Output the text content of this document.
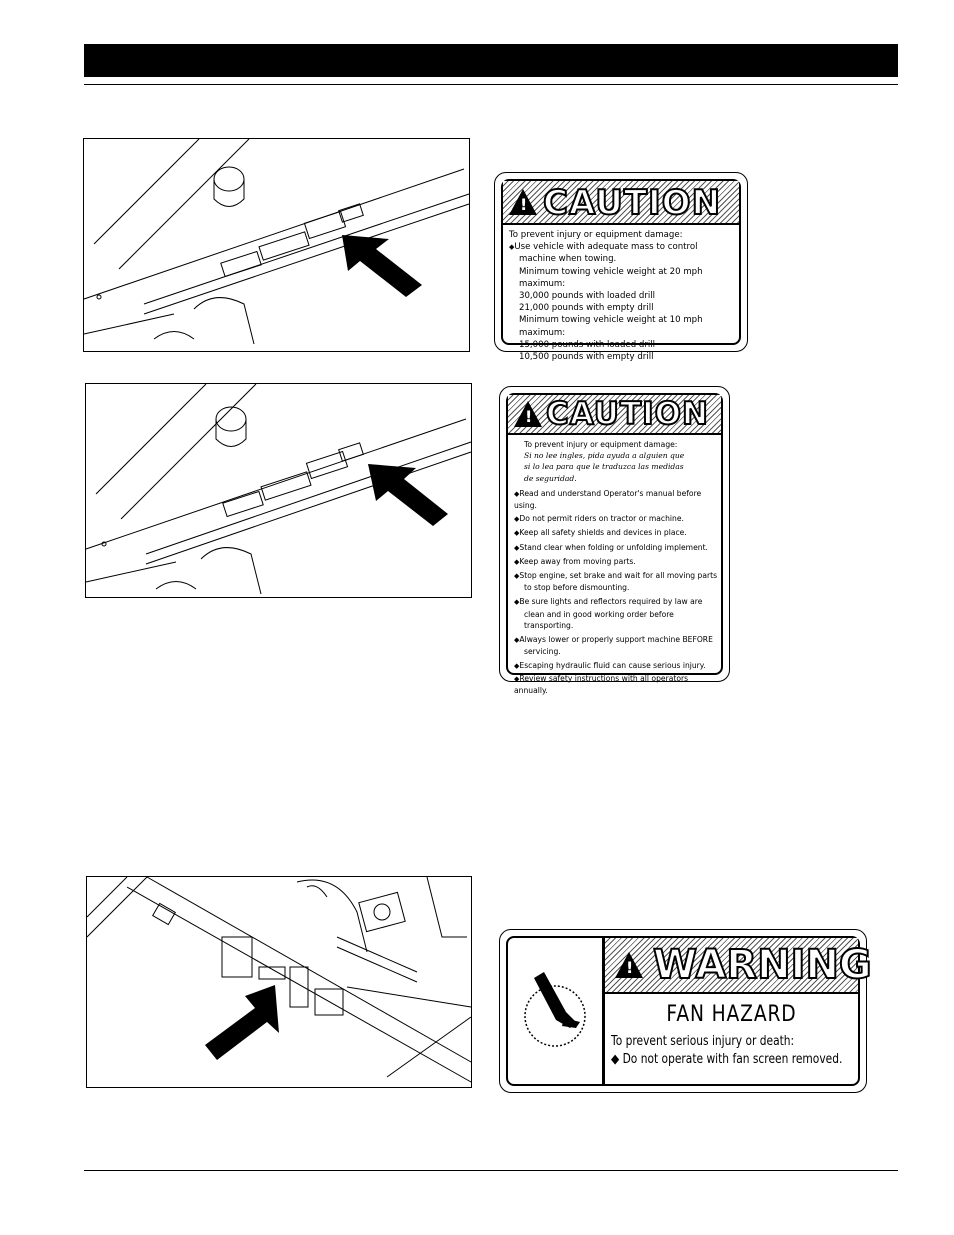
!
CAUTION
To prevent injury or equipment damage:
◆ Use vehicle with adequate mass to control
machine when towing.
Minimum towing vehicle weight at 20 mph maximum:
30,000 pounds with loaded drill
21,000 pounds with empty drill
Minimum towing vehicle weight at 10 mph maximum:
15,000 pounds with loaded drill
10,500 pounds with empty drill
!
CAUTION
To prevent injury or equipment damage:
Si no lee ingles, pida ayuda a alguien que
si lo lea para que le traduzca las medidas
de seguridad.
◆ Read and understand Operator's manual before using.
◆ Do not permit riders on tractor or machine.
◆ Keep all safety shields and devices in place.
◆ Stand clear when folding or unfolding implement.
◆ Keep away from moving parts.
◆ Stop engine, set brake and wait for all moving parts
to stop before dismounting.
◆ Be sure lights and reflectors required by law are
clean and in good working order before transporting.
◆ Always lower or properly support machine BEFORE
servicing.
◆ Escaping hydraulic fluid can cause serious injury.
◆ Review safety instructions with all operators annually.
!
WARNING
FAN HAZARD
To prevent serious injury or death:
◆ Do not operate with fan screen removed.
